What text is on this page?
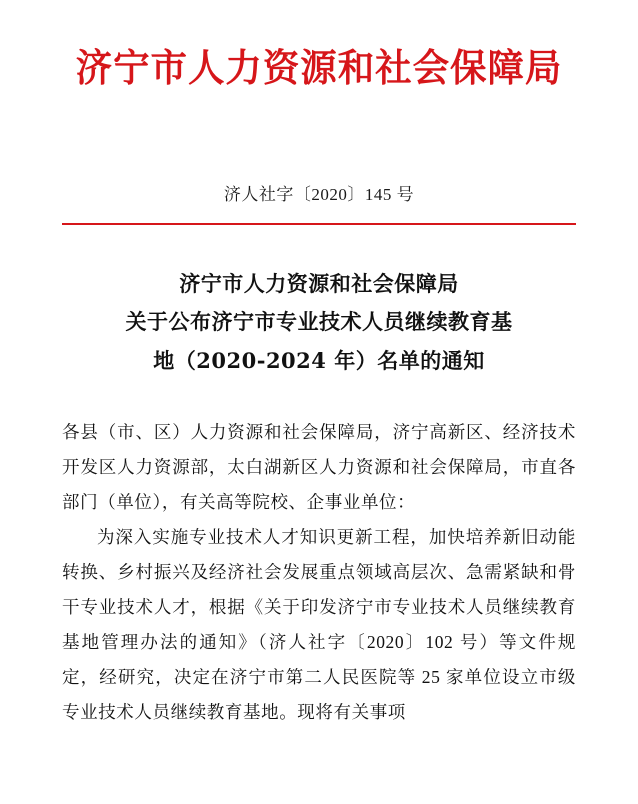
济宁市人力资源和社会保障局
济人社字〔2020〕145 号
济宁市人力资源和社会保障局
关于公布济宁市专业技术人员继续教育基
地（2020-2024 年）名单的通知

各县（市、区）人力资源和社会保障局，济宁高新区、经济技术开发区人力资源部，太白湖新区人力资源和社会保障局，市直各部门（单位），有关高等院校、企事业单位：

为深入实施专业技术人才知识更新工程，加快培养新旧动能转换、乡村振兴及经济社会发展重点领域高层次、急需紧缺和骨干专业技术人才，根据《关于印发济宁市专业技术人员继续教育基地管理办法的通知》（济人社字〔2020〕102 号）等文件规定，经研究，决定在济宁市第二人民医院等 25 家单位设立市级专业技术人员继续教育基地。现将有关事项
